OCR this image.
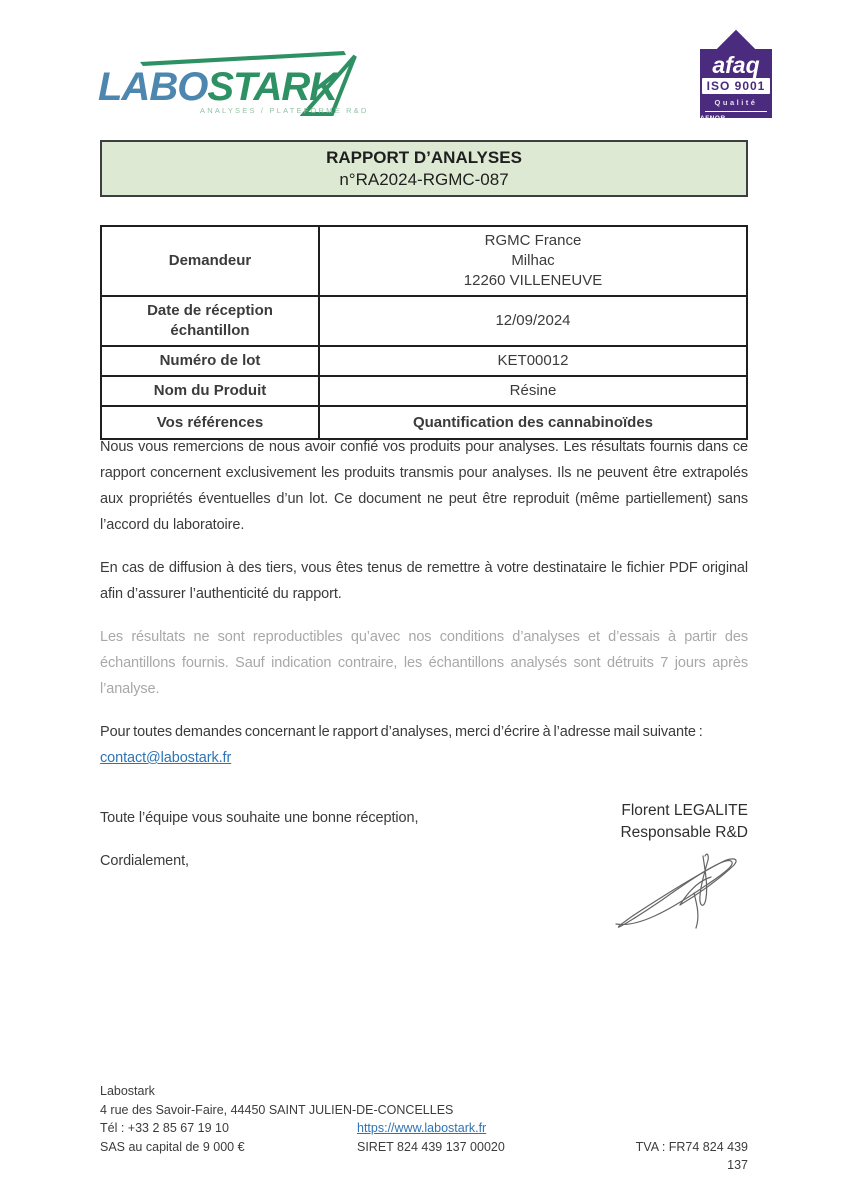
LABOSTARK
ANALYSES / PLATEFORME R&D
afaq
ISO 9001
Qualité
AFNOR CERTIFICATION
RAPPORT D’ANALYSES
n°RA2024-RGMC-087
Demandeur	RGMC France
Milhac
12260 VILLENEUVE

Date de réception échantillon	12/09/2024
Numéro de lot	KET00012
Nom du Produit	Résine
Vos références	Quantification des cannabinoïdes

Nous vous remercions de nous avoir confié vos produits pour analyses. Les résultats fournis dans ce rapport concernent exclusivement les produits transmis pour analyses. Ils ne peuvent être extrapolés aux propriétés éventuelles d’un lot. Ce document ne peut être reproduit (même partiellement) sans l’accord du laboratoire.

En cas de diffusion à des tiers, vous êtes tenus de remettre à votre destinataire le fichier PDF original afin d’assurer l’authenticité du rapport.

Les résultats ne sont reproductibles qu’avec nos conditions d’analyses et d’essais à partir des échantillons fournis. Sauf indication contraire, les échantillons analysés sont détruits 7 jours après l’analyse.

Pour toutes demandes concernant le rapport d’analyses, merci d’écrire à l’adresse mail suivante :
contact@labostark.fr

Toute l’équipe vous souhaite une bonne réception,

Cordialement,

Florent LEGALITE
Responsable R&D
Labostark
4 rue des Savoir-Faire, 44450 SAINT JULIEN-DE-CONCELLES
Tél : +33 2 85 67 19 10	https://www.labostark.fr
SAS au capital de 9 000 €	SIRET 824 439 137 00020	TVA : FR74 824 439 137
